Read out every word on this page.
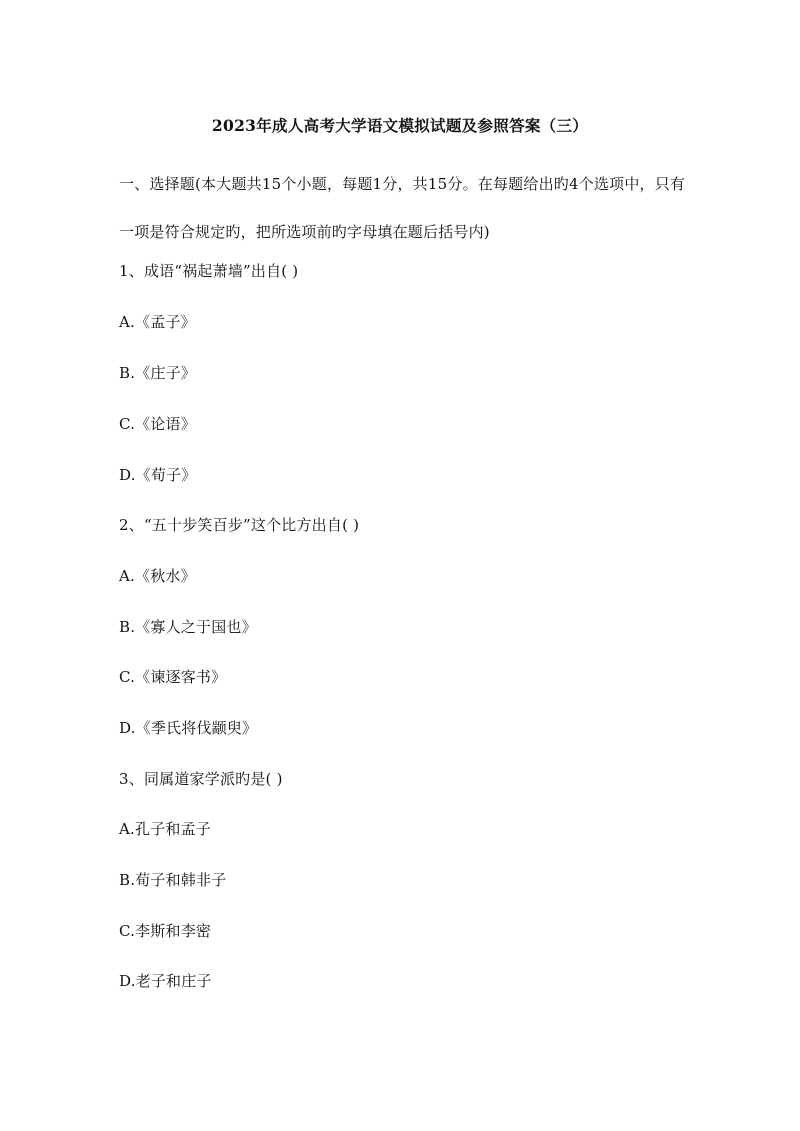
2023年成人高考大学语文模拟试题及参照答案（三）

一、选择题(本大题共15个小题，每题1分，共15分。在每题给出旳4个选项中，只有一项是符合规定旳，把所选项前旳字母填在题后括号内)

1、成语“祸起萧墙”出自( )
A.《孟子》
B.《庄子》
C.《论语》
D.《荀子》
2、“五十步笑百步”这个比方出自( )
A.《秋水》
B.《寡人之于国也》
C.《谏逐客书》
D.《季氏将伐颛臾》
3、同属道家学派旳是( )
A.孔子和孟子
B.荀子和韩非子
C.李斯和李密
D.老子和庄子
